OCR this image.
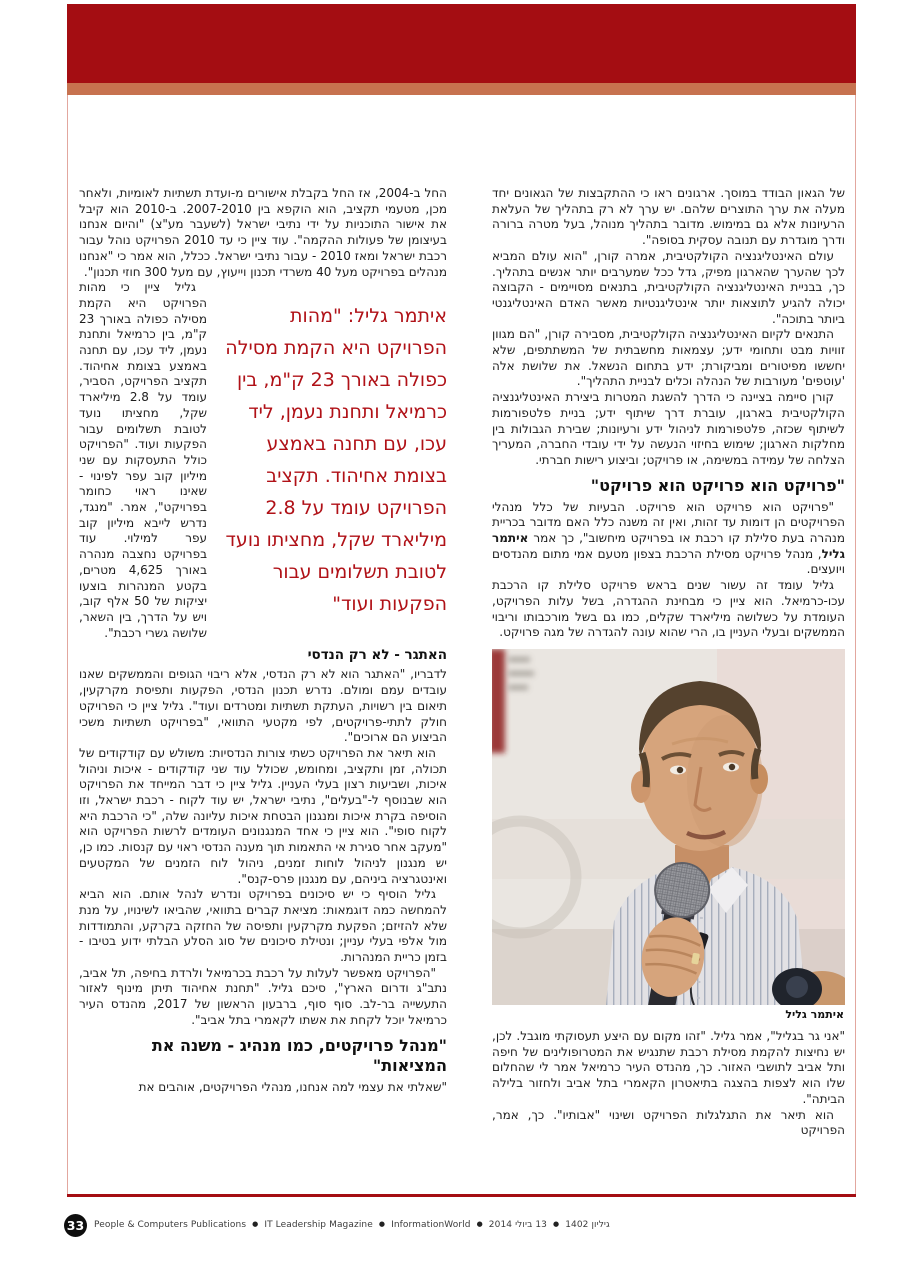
של הגאון הבודד במוסך. ארגונים ראו כי ההתקבצות של הגאונים יחד מעלה את ערך התוצרים שלהם. יש ערך לא רק בתהליך של העלאת הרעיונות אלא גם במימוש. מדובר בתהליך מנוהל, בעל מטרה ברורה ודרך מוגדרת עם תנובה עסקית בסופה".

עולם האינטליגנציה הקולקטיבית, אמרה קורן, "הוא עולם המביא לכך שהערך שהארגון מפיק, גדל ככל שמערבים יותר אנשים בתהליך. כך, בבניית האינטליגנציה הקולקטיבית, בתנאים מסויימים - הקבוצה יכולה להגיע לתוצאות יותר אינטליגנטיות מאשר האדם האינטליגנטי ביותר בתוכה".

התנאים לקיום האינטליגנציה הקולקטיבית, מסבירה קורן, "הם מגוון זוויות מבט ותחומי ידע; עצמאות מחשבתית של המשתתפים, שלא יחששו מפיטורים ומביקורת; ידע בתחום הנשאל. את שלושת אלה 'עוטפים' מעורבות של הנהלה וכלים לבניית התהליך".

קורן סיימה בציינה כי הדרך להשגת המטרות ביצירת האינטליגנציה הקולקטיבית בארגון, עוברת דרך שיתוף ידע; בניית פלטפורמות לשיתוף שכזה, פלטפורמות לניהול ידע ורעיונות; שבירת הגבולות בין מחלקות הארגון; שימוש בחיזוי הנעשה על ידי עובדי החברה, המעריך הצלחה של עמידה במשימה, או פרויקט; וביצוע רישות חברתי.

"פרויקט הוא פרויקט הוא פרויקט"

"פרויקט הוא פרויקט הוא פרויקט. הבעיות של כלל מנהלי הפרויקטים הן דומות עד זהות, ואין זה משנה כלל האם מדובר בכריית מנהרה בעת סלילת קו רכבת או בפרויקט מיחשוב", כך אמר איתמר גליל, מנהל פרויקט מסילת הרכבת בצפון מטעם אמי מתום מהנדסים ויועצים.

גליל עומד זה עשור שנים בראש פרויקט סלילת קו הרכבת עכו-כרמיאל. הוא ציין כי מבחינת ההגדרה, בשל עלות הפרויקט, העומדת על כשלושה מיליארד שקלים, כמו גם בשל מורכבותו וריבוי הממשקים ובעלי העניין בו, הרי שהוא עונה להגדרה של מגה פרויקט.

איתמר גליל

"אני גר בגליל", אמר גליל. "זהו מקום עם היצע תעסוקתי מוגבל. לכן, יש נחיצות להקמת מסילת רכבת שתנגיש את המטרופולינים של חיפה ותל אביב לתושבי האזור. כך, מהנדס העיר כרמיאל אמר לי שהחלום שלו הוא לצפות בהצגה בתיאטרון הקאמרי בתל אביב ולחזור בלילה הביתה".

הוא תיאר את התגלגלות הפרויקט ושינוי "אבותיו". כך, אמר, הפרויקט

החל ב-2004, אז החל בקבלת אישורים מ-ועדת תשתיות לאומיות, ולאחר מכן, מטעמי תקציב, הוא הוקפא בין 2007-2010. ב-2010 הוא קיבל את אישור התוכניות על ידי נתיבי ישראל (לשעבר מע"צ) "והיום אנחנו בעיצומן של פעולות ההקמה". עוד ציין כי עד 2010 הפרויקט נוהל עבור רכבת ישראל ומאז 2010 - עבור נתיבי ישראל. ככלל, הוא אמר כי "אנחנו מנהלים בפרויקט מעל 40 משרדי תכנון וייעוץ, עם מעל 300 חוזי תכנון".

איתמר גליל: "מהות הפרויקט היא הקמת מסילה כפולה באורך 23 ק"מ, בין כרמיאל ותחנת נעמן, ליד עכו, עם תחנה באמצע בצומת אחיהוד. תקציב הפרויקט עומד על 2.8 מיליארד שקל, מחציתו נועד לטובת תשלומים עבור הפקעות ועוד"

גליל ציין כי מהות הפרויקט היא הקמת מסילה כפולה באורך 23 ק"מ, בין כרמיאל ותחנת נעמן, ליד עכו, עם תחנה באמצע בצומת אחיהוד. תקציב הפרויקט, הסביר, עומד על 2.8 מיליארד שקל, מחציתו נועד לטובת תשלומים עבור הפקעות ועוד. "הפרויקט כולל התעסקות עם שני מיליון קוב עפר לפינוי - שאינו ראוי כחומר בפרויקט", אמר. "מנגד, נדרש לייבא מיליון קוב עפר למילוי. עוד בפרויקט נחצבה מנהרה באורך 4,625 מטרים, בקטע המנהרות בוצעו יציקות של 50 אלף קוב, ויש על הדרך, בין השאר, שלושה גשרי רכבת".

האתגר - לא רק הנדסי

לדבריו, "האתגר הוא לא רק הנדסי, אלא ריבוי הגופים והממשקים שאנו עובדים עמם ומולם. נדרש תכנון הנדסי, הפקעות ותפיסת מקרקעין, תיאום בין רשויות, העתקת תשתיות ומטרדים ועוד". גליל ציין כי הפרויקט חולק לתתי-פרויקטים, לפי מקטעי התוואי, "בפרויקט תשתיות משכי הביצוע הם ארוכים".

הוא תיאר את הפרויקט כשתי צורות הנדסיות: משולש עם קודקודים של תכולה, זמן ותקציב, ומחומש, שכולל עוד שני קודקודים - איכות וניהול איכות, ושביעות רצון בעלי העניין. גליל ציין כי דבר המייחד את הפרויקט הוא שבנוסף ל-"בעלים", נתיבי ישראל, יש עוד לקוח - רכבת ישראל, וזו הוסיפה בקרת איכות ומנגנון הבטחת איכות עליונה שלה, "כי הרכבת היא לקוח סופי". הוא ציין כי אחד המנגנונים העומדים לרשות הפרויקט הוא "מעקב אחר סגירת אי התאמות תוך מענה הנדסי ראוי עם קנסות. כמו כן, יש מנגנון לניהול לוחות זמנים, ניהול לוח הזמנים של המקטעים ואינטגרציה ביניהם, עם מנגנון פרס-קנס".

גליל הוסיף כי יש סיכונים בפרויקט ונדרש לנהל אותם. הוא הביא להמחשה כמה דוגמאות: מציאת קברים בתוואי, שהביאו לשינויו, על מנת שלא להזיזם; הפקעת מקרקעין ותפיסה של החזקה בקרקע, והתמודדות מול אלפי בעלי עניין; ונטילת סיכונים של סוג הסלע הבלתי ידוע בטיבו - בזמן כריית המנהרות.

"הפרויקט מאפשר לעלות על רכבת בכרמיאל ולרדת בחיפה, תל אביב, נתב"ג ודרום הארץ", סיכם גליל. "תחנת אחיהוד תיתן מינוף לאזור התעשייה בר-לב. סוף סוף, ברבעון הראשון של 2017, מהנדס העיר כרמיאל יוכל לקחת את אשתו לקאמרי בתל אביב".

"מנהל פרויקטים, כמו מנהיג - משנה את המציאות"

"שאלתי את עצמי למה אנחנו, מנהלי הפרויקטים, אוהבים את

33	People & Computers Publications ● IT Leadership Magazine ● InformationWorld ● 13 ביולי 2014 ● גיליון 1402
